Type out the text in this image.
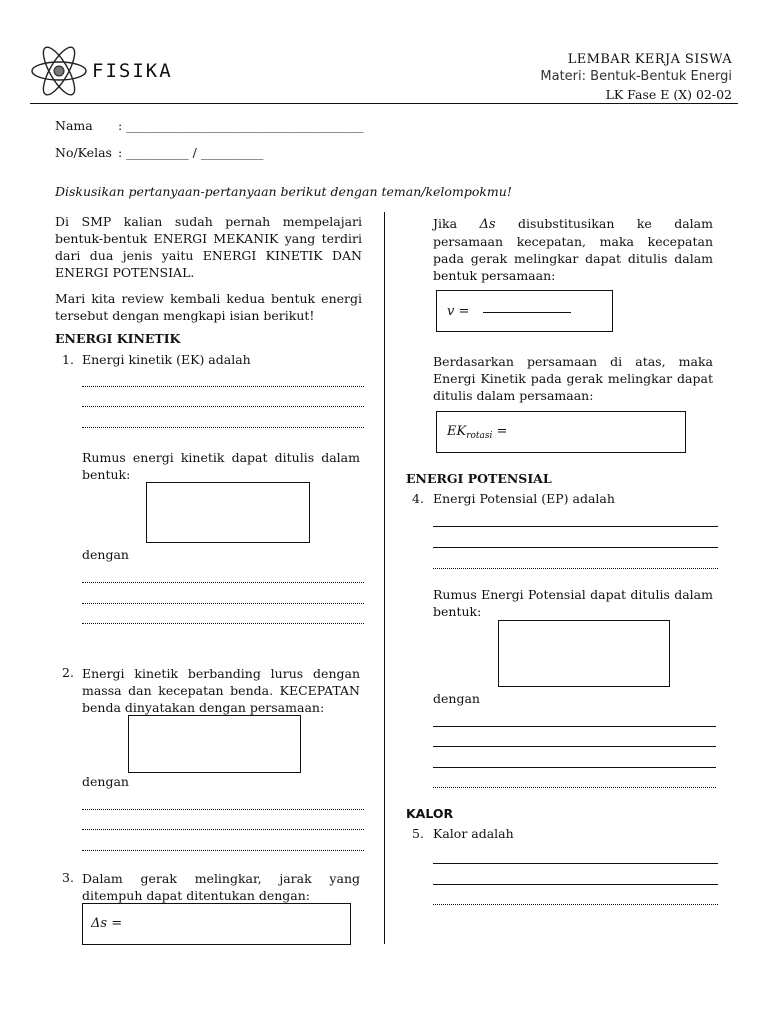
FISIKA
LEMBAR KERJA SISWA
Materi: Bentuk-Bentuk Energi
LK Fase E (X) 02-02
Nama : ______________________________________
No/Kelas : __________ / __________
Diskusikan pertanyaan-pertanyaan berikut dengan teman/kelompokmu!
Di SMP kalian sudah pernah mempelajari bentuk-bentuk ENERGI MEKANIK yang terdiri dari dua jenis yaitu ENERGI KINETIK DAN ENERGI POTENSIAL.
Mari kita review kembali kedua bentuk energi tersebut dengan mengkapi isian berikut!
ENERGI KINETIK
1. Energi kinetik (EK) adalah
Rumus energi kinetik dapat ditulis dalam bentuk:
dengan
2. Energi kinetik berbanding lurus dengan massa dan kecepatan benda. KECEPATAN benda dinyatakan dengan persamaan:
dengan
3. Dalam gerak melingkar, jarak yang ditempuh dapat ditentukan dengan:
Δs =
Jika Δs disubstitusikan ke dalam persamaan kecepatan, maka kecepatan pada gerak melingkar dapat ditulis dalam bentuk persamaan:
v =
Berdasarkan persamaan di atas, maka Energi Kinetik pada gerak melingkar dapat ditulis dalam persamaan:
$EK_{rotasi}$ =
ENERGI POTENSIAL
4. Energi Potensial (EP) adalah
Rumus Energi Potensial dapat ditulis dalam bentuk:
dengan
KALOR
5. Kalor adalah
